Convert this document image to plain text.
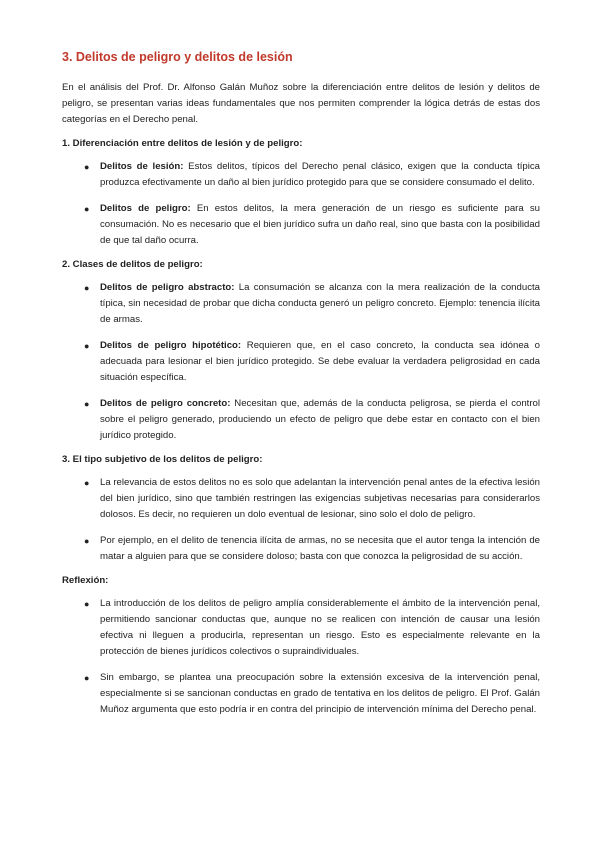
3. Delitos de peligro y delitos de lesión

En el análisis del Prof. Dr. Alfonso Galán Muñoz sobre la diferenciación entre delitos de lesión y delitos de peligro, se presentan varias ideas fundamentales que nos permiten comprender la lógica detrás de estas dos categorías en el Derecho penal.

1. Diferenciación entre delitos de lesión y de peligro:
● Delitos de lesión: Estos delitos, típicos del Derecho penal clásico, exigen que la conducta típica produzca efectivamente un daño al bien jurídico protegido para que se considere consumado el delito.
● Delitos de peligro: En estos delitos, la mera generación de un riesgo es suficiente para su consumación. No es necesario que el bien jurídico sufra un daño real, sino que basta con la posibilidad de que tal daño ocurra.
2. Clases de delitos de peligro:
● Delitos de peligro abstracto: La consumación se alcanza con la mera realización de la conducta típica, sin necesidad de probar que dicha conducta generó un peligro concreto. Ejemplo: tenencia ilícita de armas.
● Delitos de peligro hipotético: Requieren que, en el caso concreto, la conducta sea idónea o adecuada para lesionar el bien jurídico protegido. Se debe evaluar la verdadera peligrosidad en cada situación específica.
● Delitos de peligro concreto: Necesitan que, además de la conducta peligrosa, se pierda el control sobre el peligro generado, produciendo un efecto de peligro que debe estar en contacto con el bien jurídico protegido.
3. El tipo subjetivo de los delitos de peligro:
● La relevancia de estos delitos no es solo que adelantan la intervención penal antes de la efectiva lesión del bien jurídico, sino que también restringen las exigencias subjetivas necesarias para considerarlos dolosos. Es decir, no requieren un dolo eventual de lesionar, sino solo el dolo de peligro.
● Por ejemplo, en el delito de tenencia ilícita de armas, no se necesita que el autor tenga la intención de matar a alguien para que se considere doloso; basta con que conozca la peligrosidad de su acción.
Reflexión:
● La introducción de los delitos de peligro amplía considerablemente el ámbito de la intervención penal, permitiendo sancionar conductas que, aunque no se realicen con intención de causar una lesión efectiva ni lleguen a producirla, representan un riesgo. Esto es especialmente relevante en la protección de bienes jurídicos colectivos o supraindividuales.
● Sin embargo, se plantea una preocupación sobre la extensión excesiva de la intervención penal, especialmente si se sancionan conductas en grado de tentativa en los delitos de peligro. El Prof. Galán Muñoz argumenta que esto podría ir en contra del principio de intervención mínima del Derecho penal.
